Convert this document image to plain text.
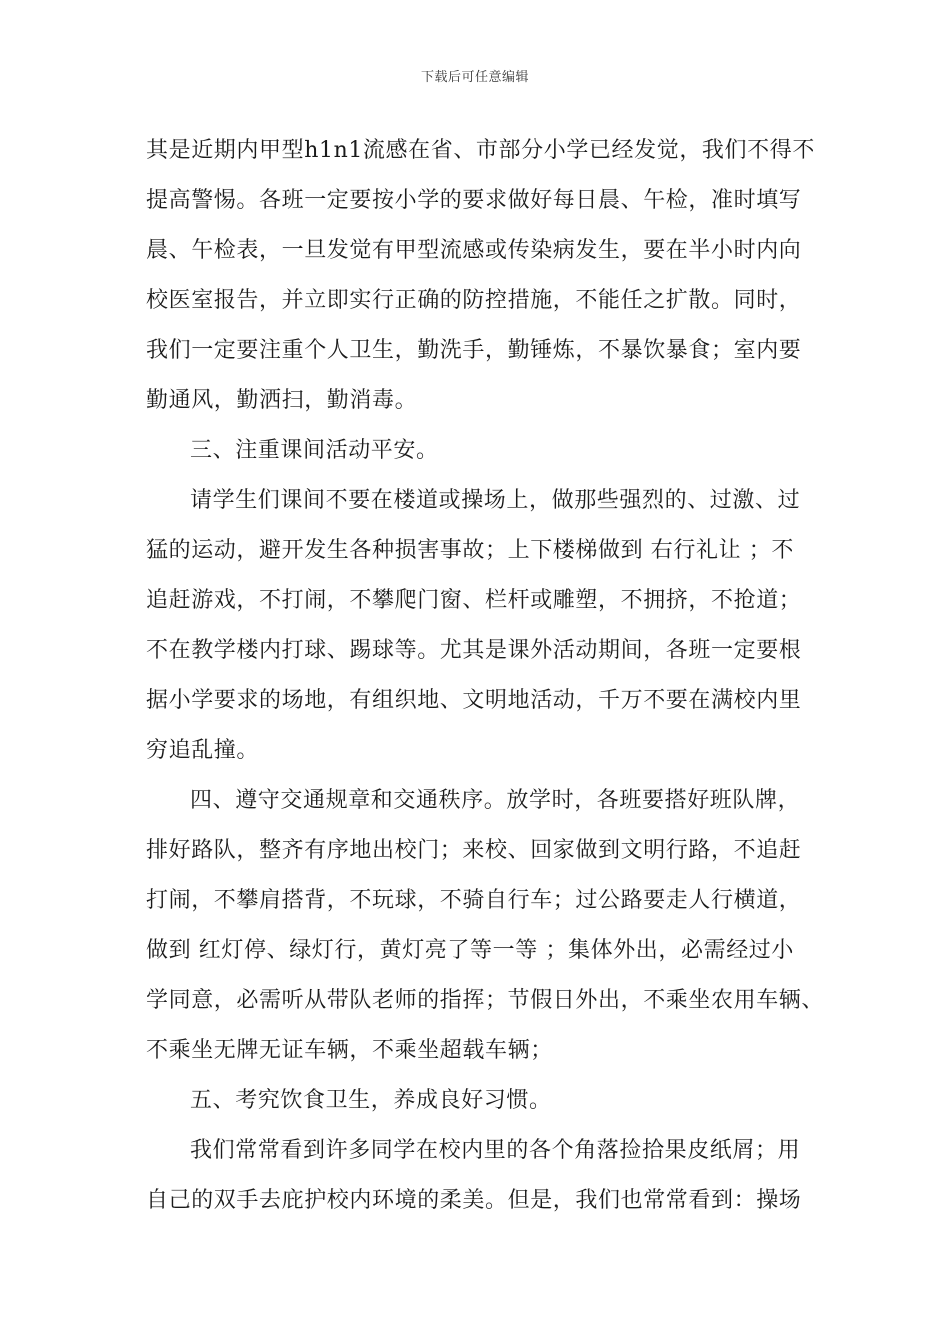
下载后可任意编辑
其是近期内甲型h1n1流感在省、市部分小学已经发觉，我们不得不
提高警惕。各班一定要按小学的要求做好每日晨、午检，准时填写
晨、午检表，一旦发觉有甲型流感或传染病发生，要在半小时内向
校医室报告，并立即实行正确的防控措施，不能任之扩散。同时，
我们一定要注重个人卫生，勤洗手，勤锤炼，不暴饮暴食；室内要
勤通风，勤洒扫，勤消毒。
三、注重课间活动平安。
请学生们课间不要在楼道或操场上，做那些强烈的、过激、过
猛的运动，避开发生各种损害事故；上下楼梯做到 右行礼让 ；不
追赶游戏，不打闹，不攀爬门窗、栏杆或雕塑，不拥挤，不抢道；
不在教学楼内打球、踢球等。尤其是课外活动期间，各班一定要根
据小学要求的场地，有组织地、文明地活动，千万不要在满校内里
穷追乱撞。
四、遵守交通规章和交通秩序。放学时，各班要搭好班队牌，
排好路队，整齐有序地出校门；来校、回家做到文明行路，不追赶
打闹，不攀肩搭背，不玩球，不骑自行车；过公路要走人行横道，
做到 红灯停、绿灯行，黄灯亮了等一等 ；集体外出，必需经过小
学同意，必需听从带队老师的指挥；节假日外出，不乘坐农用车辆、
不乘坐无牌无证车辆，不乘坐超载车辆；
五、考究饮食卫生，养成良好习惯。
我们常常看到许多同学在校内里的各个角落捡拾果皮纸屑；用
自己的双手去庇护校内环境的柔美。但是，我们也常常看到：操场
